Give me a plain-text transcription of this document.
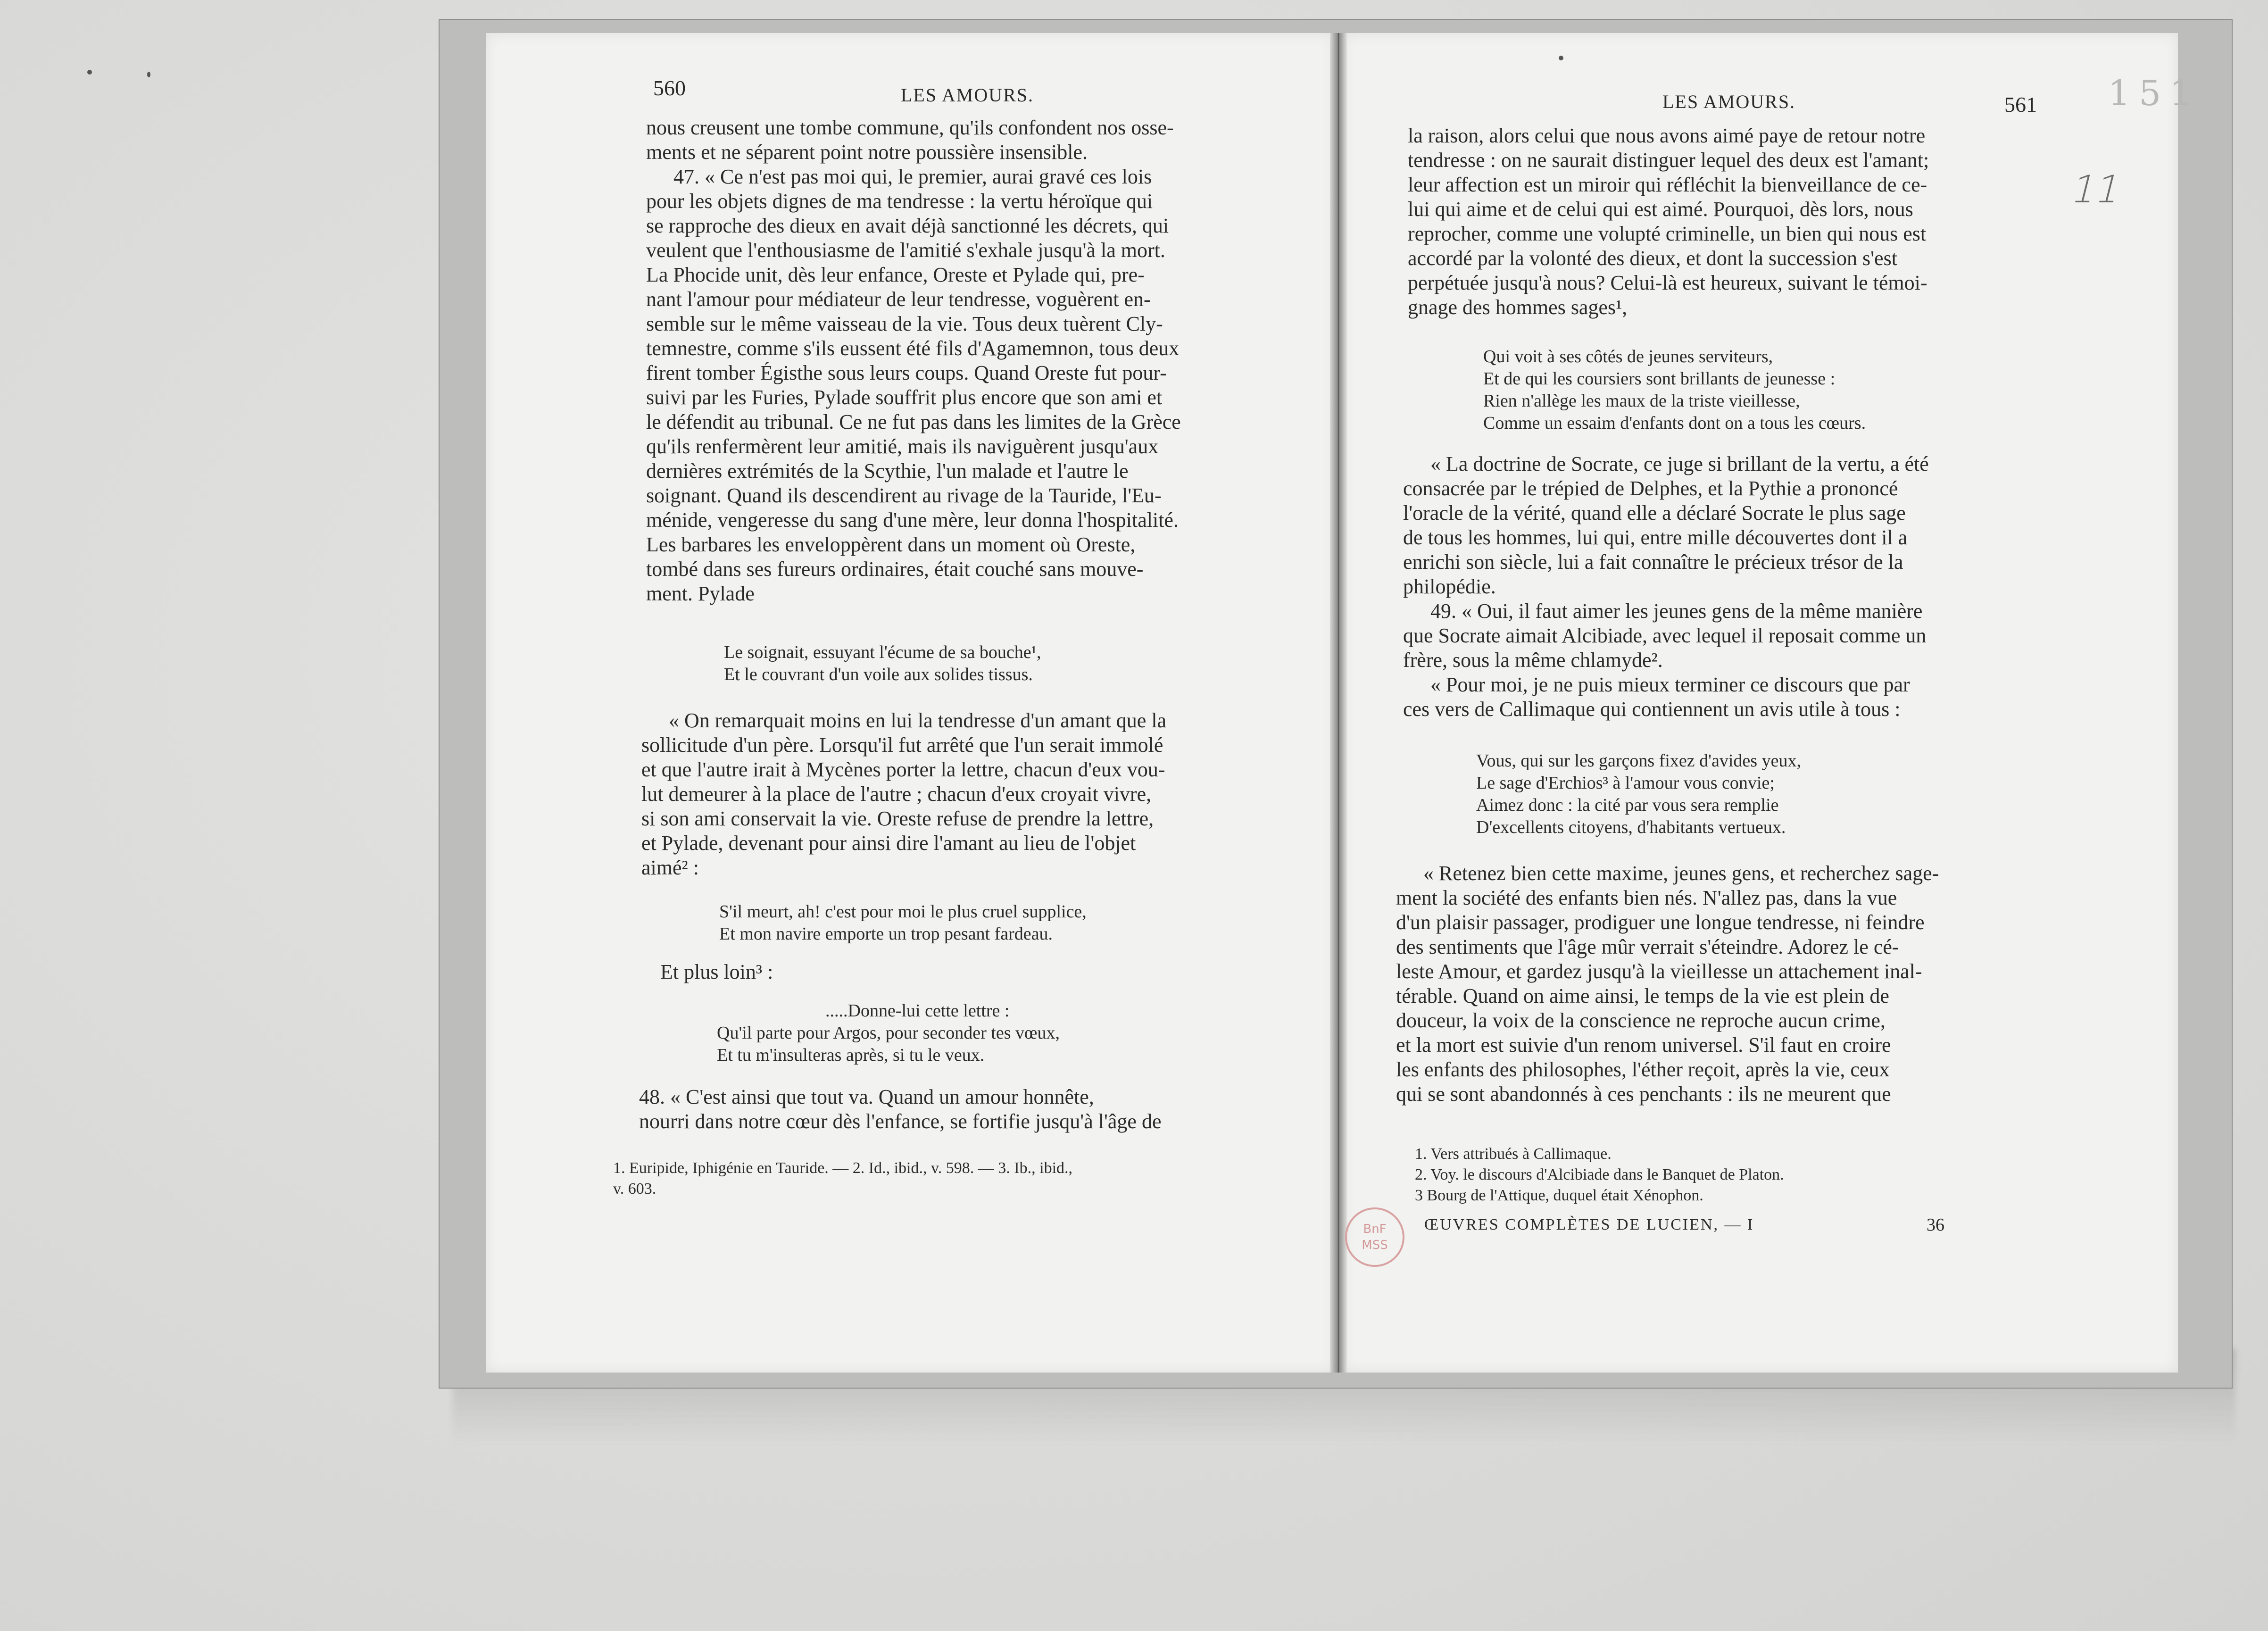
151
11
560	LES AMOURS.
nous creusent une tombe commune, qu'ils confondent nos osse-
ments et ne séparent point notre poussière insensible.
47. « Ce n'est pas moi qui, le premier, aurai gravé ces lois
pour les objets dignes de ma tendresse : la vertu héroïque qui
se rapproche des dieux en avait déjà sanctionné les décrets, qui
veulent que l'enthousiasme de l'amitié s'exhale jusqu'à la mort.
La Phocide unit, dès leur enfance, Oreste et Pylade qui, pre-
nant l'amour pour médiateur de leur tendresse, voguèrent en-
semble sur le même vaisseau de la vie. Tous deux tuèrent Cly-
temnestre, comme s'ils eussent été fils d'Agamemnon, tous deux
firent tomber Égisthe sous leurs coups. Quand Oreste fut pour-
suivi par les Furies, Pylade souffrit plus encore que son ami et
le défendit au tribunal. Ce ne fut pas dans les limites de la Grèce
qu'ils renfermèrent leur amitié, mais ils naviguèrent jusqu'aux
dernières extrémités de la Scythie, l'un malade et l'autre le
soignant. Quand ils descendirent au rivage de la Tauride, l'Eu-
ménide, vengeresse du sang d'une mère, leur donna l'hospitalité.
Les barbares les enveloppèrent dans un moment où Oreste,
tombé dans ses fureurs ordinaires, était couché sans mouve-
ment. Pylade
Le soignait, essuyant l'écume de sa bouche¹,
Et le couvrant d'un voile aux solides tissus.
« On remarquait moins en lui la tendresse d'un amant que la
sollicitude d'un père. Lorsqu'il fut arrêté que l'un serait immolé
et que l'autre irait à Mycènes porter la lettre, chacun d'eux vou-
lut demeurer à la place de l'autre ; chacun d'eux croyait vivre,
si son ami conservait la vie. Oreste refuse de prendre la lettre,
et Pylade, devenant pour ainsi dire l'amant au lieu de l'objet
aimé² :
S'il meurt, ah! c'est pour moi le plus cruel supplice,
Et mon navire emporte un trop pesant fardeau.
Et plus loin³ :
.....Donne-lui cette lettre :
Qu'il parte pour Argos, pour seconder tes vœux,
Et tu m'insulteras après, si tu le veux.
48. « C'est ainsi que tout va. Quand un amour honnête,
nourri dans notre cœur dès l'enfance, se fortifie jusqu'à l'âge de
1. Euripide, Iphigénie en Tauride. — 2. Id., ibid., v. 598. — 3. Ib., ibid.,
v. 603.
LES AMOURS.	561
la raison, alors celui que nous avons aimé paye de retour notre
tendresse : on ne saurait distinguer lequel des deux est l'amant;
leur affection est un miroir qui réfléchit la bienveillance de ce-
lui qui aime et de celui qui est aimé. Pourquoi, dès lors, nous
reprocher, comme une volupté criminelle, un bien qui nous est
accordé par la volonté des dieux, et dont la succession s'est
perpétuée jusqu'à nous? Celui-là est heureux, suivant le témoi-
gnage des hommes sages¹,
Qui voit à ses côtés de jeunes serviteurs,
Et de qui les coursiers sont brillants de jeunesse :
Rien n'allège les maux de la triste vieillesse,
Comme un essaim d'enfants dont on a tous les cœurs.
« La doctrine de Socrate, ce juge si brillant de la vertu, a été
consacrée par le trépied de Delphes, et la Pythie a prononcé
l'oracle de la vérité, quand elle a déclaré Socrate le plus sage
de tous les hommes, lui qui, entre mille découvertes dont il a
enrichi son siècle, lui a fait connaître le précieux trésor de la
philopédie.
49. « Oui, il faut aimer les jeunes gens de la même manière
que Socrate aimait Alcibiade, avec lequel il reposait comme un
frère, sous la même chlamyde².
« Pour moi, je ne puis mieux terminer ce discours que par
ces vers de Callimaque qui contiennent un avis utile à tous :
Vous, qui sur les garçons fixez d'avides yeux,
Le sage d'Erchios³ à l'amour vous convie;
Aimez donc : la cité par vous sera remplie
D'excellents citoyens, d'habitants vertueux.
« Retenez bien cette maxime, jeunes gens, et recherchez sage-
ment la société des enfants bien nés. N'allez pas, dans la vue
d'un plaisir passager, prodiguer une longue tendresse, ni feindre
des sentiments que l'âge mûr verrait s'éteindre. Adorez le cé-
leste Amour, et gardez jusqu'à la vieillesse un attachement inal-
térable. Quand on aime ainsi, le temps de la vie est plein de
douceur, la voix de la conscience ne reproche aucun crime,
et la mort est suivie d'un renom universel. S'il faut en croire
les enfants des philosophes, l'éther reçoit, après la vie, ceux
qui se sont abandonnés à ces penchants : ils ne meurent que
1. Vers attribués à Callimaque.
2. Voy. le discours d'Alcibiade dans le Banquet de Platon.
3 Bourg de l'Attique, duquel était Xénophon.
ŒUVRES COMPLÈTES DE LUCIEN, — I	36
BnF
MSS
